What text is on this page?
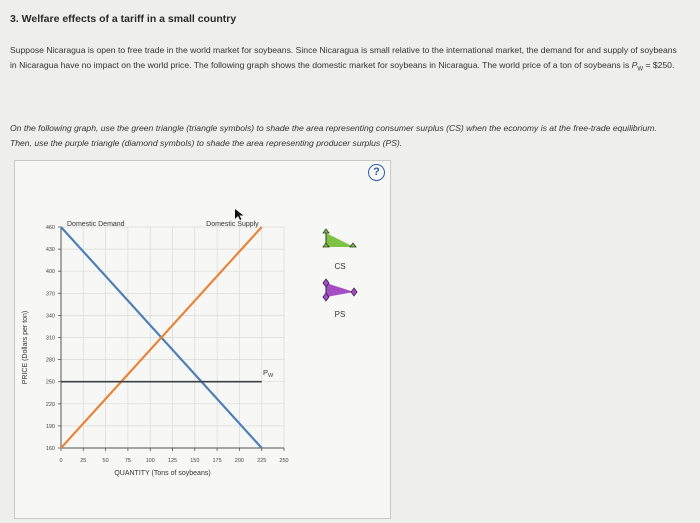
3. Welfare effects of a tariff in a small country
Suppose Nicaragua is open to free trade in the world market for soybeans. Since Nicaragua is small relative to the international market, the demand for and supply of soybeans in Nicaragua have no impact on the world price. The following graph shows the domestic market for soybeans in Nicaragua. The world price of a ton of soybeans is $P_W$ = $250.
On the following graph, use the green triangle (triangle symbols) to shade the area representing consumer surplus (CS) when the economy is at the free-trade equilibrium. Then, use the purple triangle (diamond symbols) to shade the area representing producer surplus (PS).
?
0	25	50	75	100 125 150 175 200 225 250
160
190
220
250
280
310
340
370
400
430
460
QUANTITY (Tons of soybeans)
PRICE (Dollars per ton)
Domestic Demand	Domestic Supply
$P_W$
CS
PS
